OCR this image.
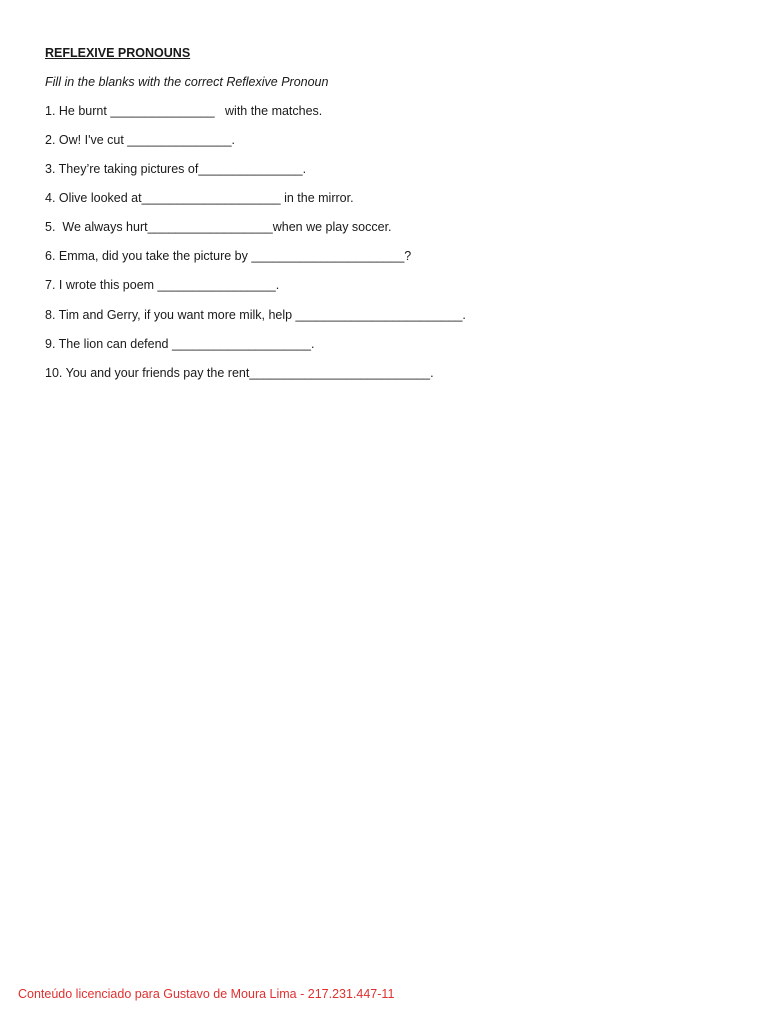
REFLEXIVE PRONOUNS
Fill in the blanks with the correct Reflexive Pronoun
1. He burnt _______________   with the matches.
2. Ow! I've cut _______________.
3. They’re taking pictures of_______________.
4. Olive looked at____________________ in the mirror.
5.  We always hurt__________________when we play soccer.
6. Emma, did you take the picture by ______________________?
7. I wrote this poem _________________.
8. Tim and Gerry, if you want more milk, help ________________________.
9. The lion can defend ____________________.
10. You and your friends pay the rent__________________________.
Conteúdo licenciado para Gustavo de Moura Lima - 217.231.447-11
